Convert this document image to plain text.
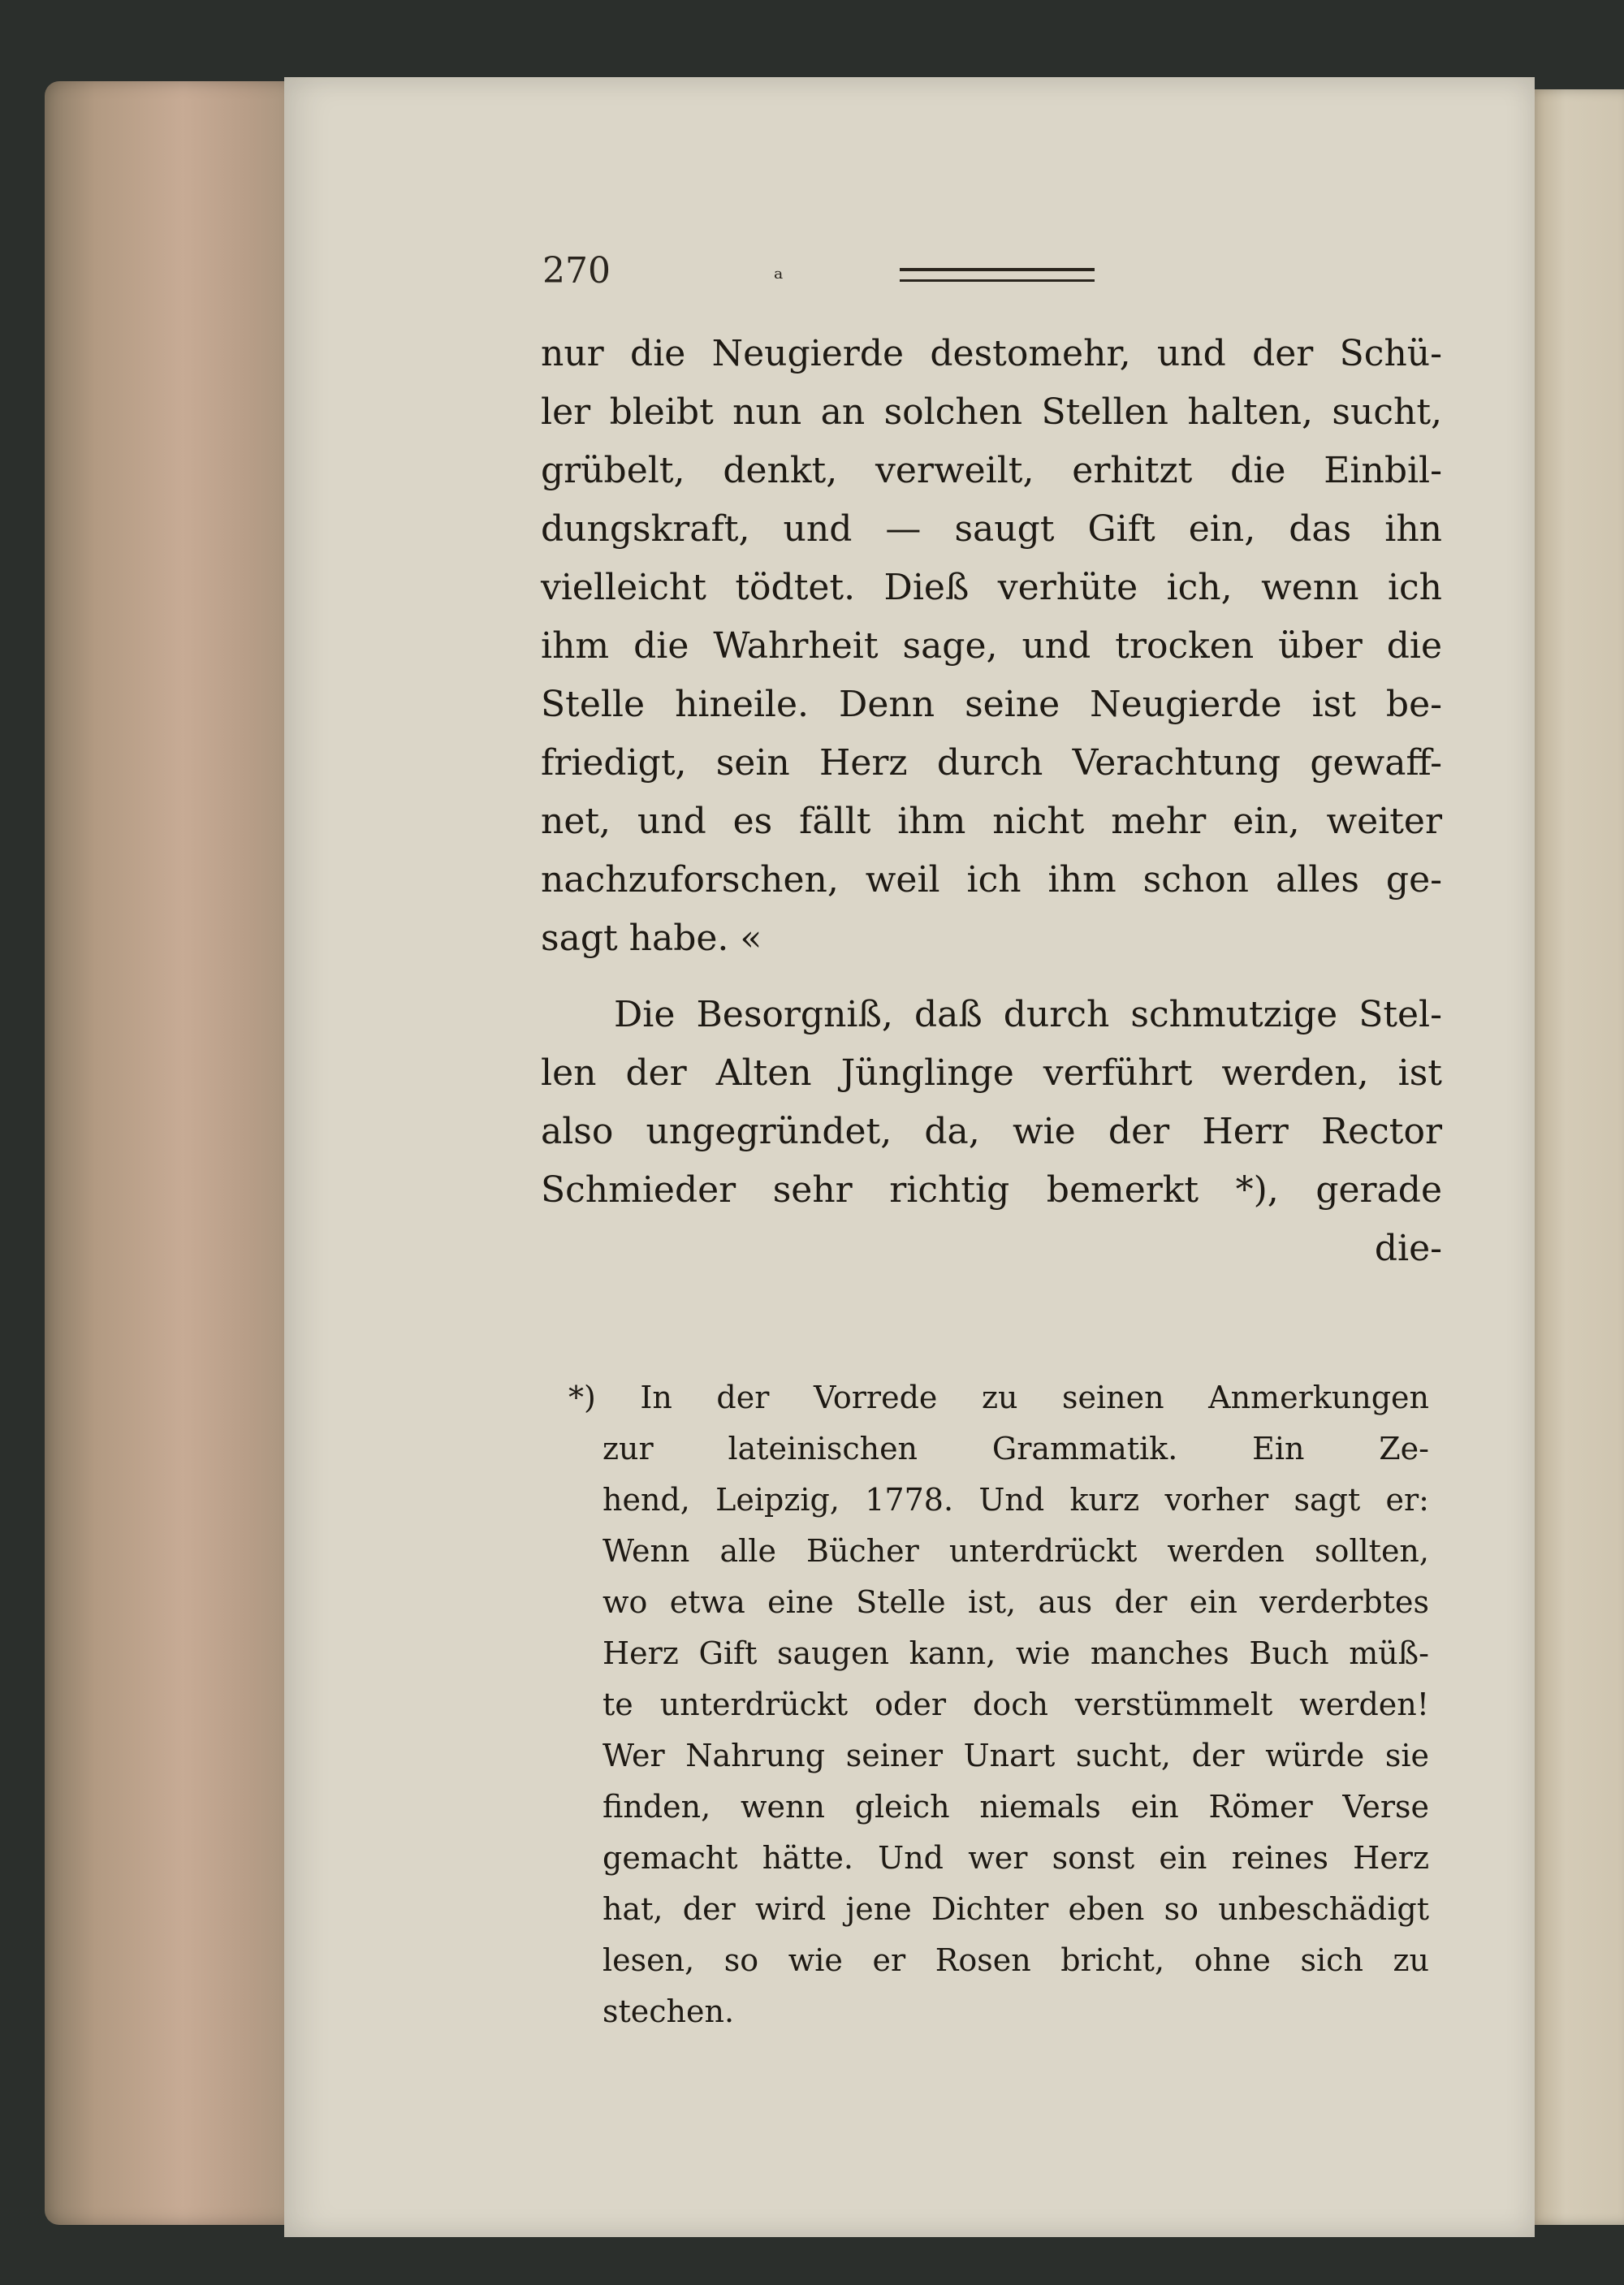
270	ₐ
nur die Neugierde destomehr, und der Schü-
ler bleibt nun an solchen Stellen halten, sucht,
grübelt, denkt, verweilt, erhitzt die Einbil-
dungskraft, und — saugt Gift ein, das ihn
vielleicht tödtet. Dieß verhüte ich, wenn ich
ihm die Wahrheit sage, und trocken über die
Stelle hineile. Denn seine Neugierde ist be-
friedigt, sein Herz durch Verachtung gewaff-
net, und es fällt ihm nicht mehr ein, weiter
nachzuforschen, weil ich ihm schon alles ge-
sagt habe. «
Die Besorgniß, daß durch schmutzige Stel-
len der Alten Jünglinge verführt werden, ist
also ungegründet, da, wie der Herr Rector
Schmieder sehr richtig bemerkt *), gerade
die-
*) In der Vorrede zu seinen Anmerkungen
zur lateinischen Grammatik. Ein Ze-
hend, Leipzig, 1778. Und kurz vorher sagt er:
Wenn alle Bücher unterdrückt werden sollten,
wo etwa eine Stelle ist, aus der ein verderbtes
Herz Gift saugen kann, wie manches Buch müß-
te unterdrückt oder doch verstümmelt werden!
Wer Nahrung seiner Unart sucht, der würde sie
finden, wenn gleich niemals ein Römer Verse
gemacht hätte. Und wer sonst ein reines Herz
hat, der wird jene Dichter eben so unbeschädigt
lesen, so wie er Rosen bricht, ohne sich zu
stechen.
